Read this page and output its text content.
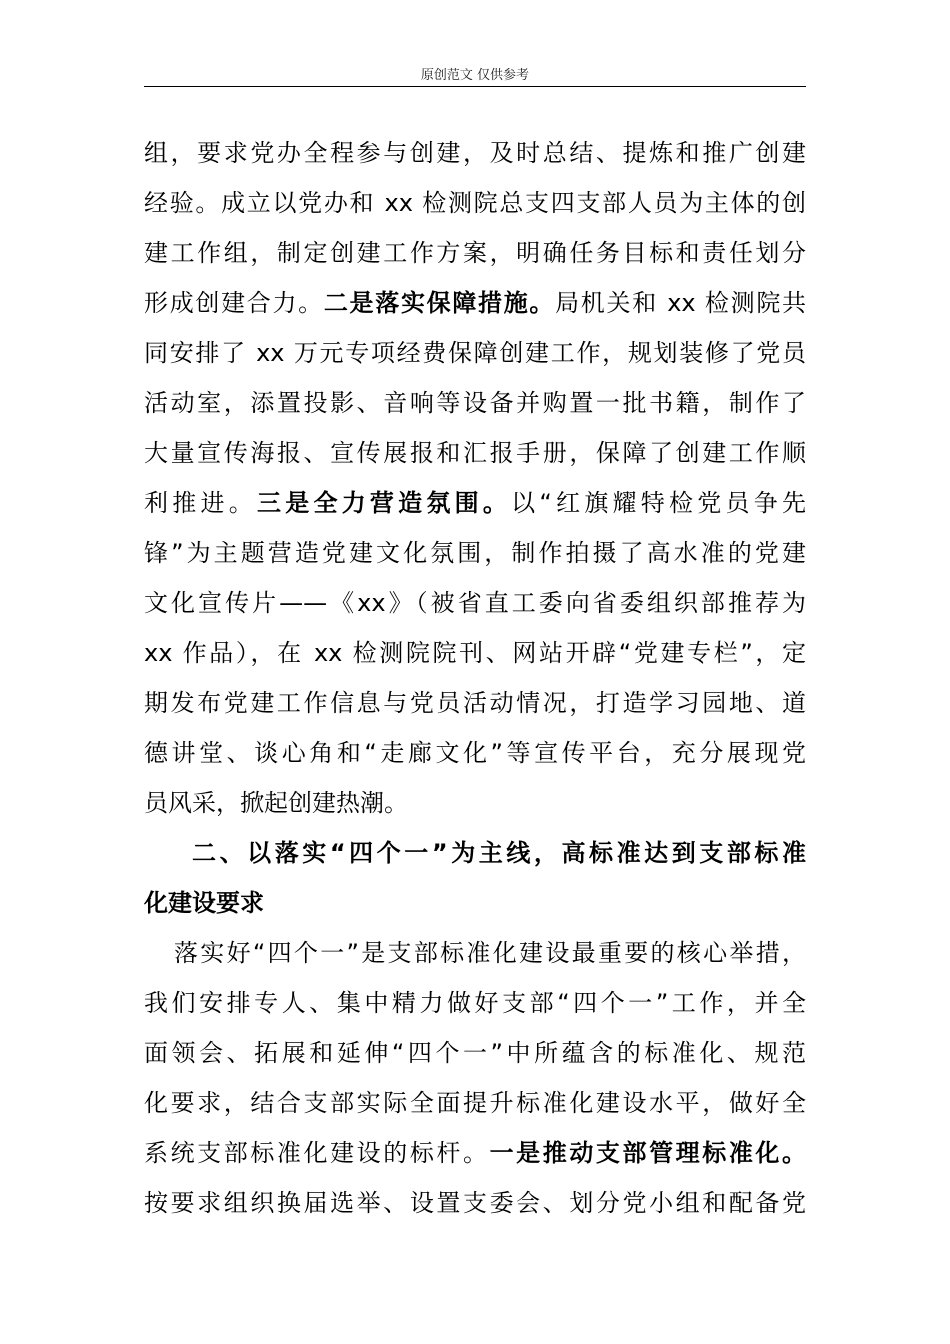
原创范文 仅供参考
组，要求党办全程参与创建，及时总结、提炼和推广创建
经验。成立以党办和 xx 检测院总支四支部人员为主体的创
建工作组，制定创建工作方案，明确任务目标和责任划分
形成创建合力。二是落实保障措施。局机关和 xx 检测院共
同安排了 xx 万元专项经费保障创建工作，规划装修了党员
活动室，添置投影、音响等设备并购置一批书籍，制作了
大量宣传海报、宣传展报和汇报手册，保障了创建工作顺
利推进。三是全力营造氛围。以“红旗耀特检党员争先
锋”为主题营造党建文化氛围，制作拍摄了高水准的党建
文化宣传片——《xx》（被省直工委向省委组织部推荐为
xx 作品），在 xx 检测院院刊、网站开辟“党建专栏”，定
期发布党建工作信息与党员活动情况，打造学习园地、道
德讲堂、谈心角和“走廊文化”等宣传平台，充分展现党
员风采，掀起创建热潮。
二、以落实“四个一”为主线，高标准达到支部标准
化建设要求
落实好“四个一”是支部标准化建设最重要的核心举措，
我们安排专人、集中精力做好支部“四个一”工作，并全
面领会、拓展和延伸“四个一”中所蕴含的标准化、规范
化要求，结合支部实际全面提升标准化建设水平，做好全
系统支部标准化建设的标杆。一是推动支部管理标准化。
按要求组织换届选举、设置支委会、划分党小组和配备党
